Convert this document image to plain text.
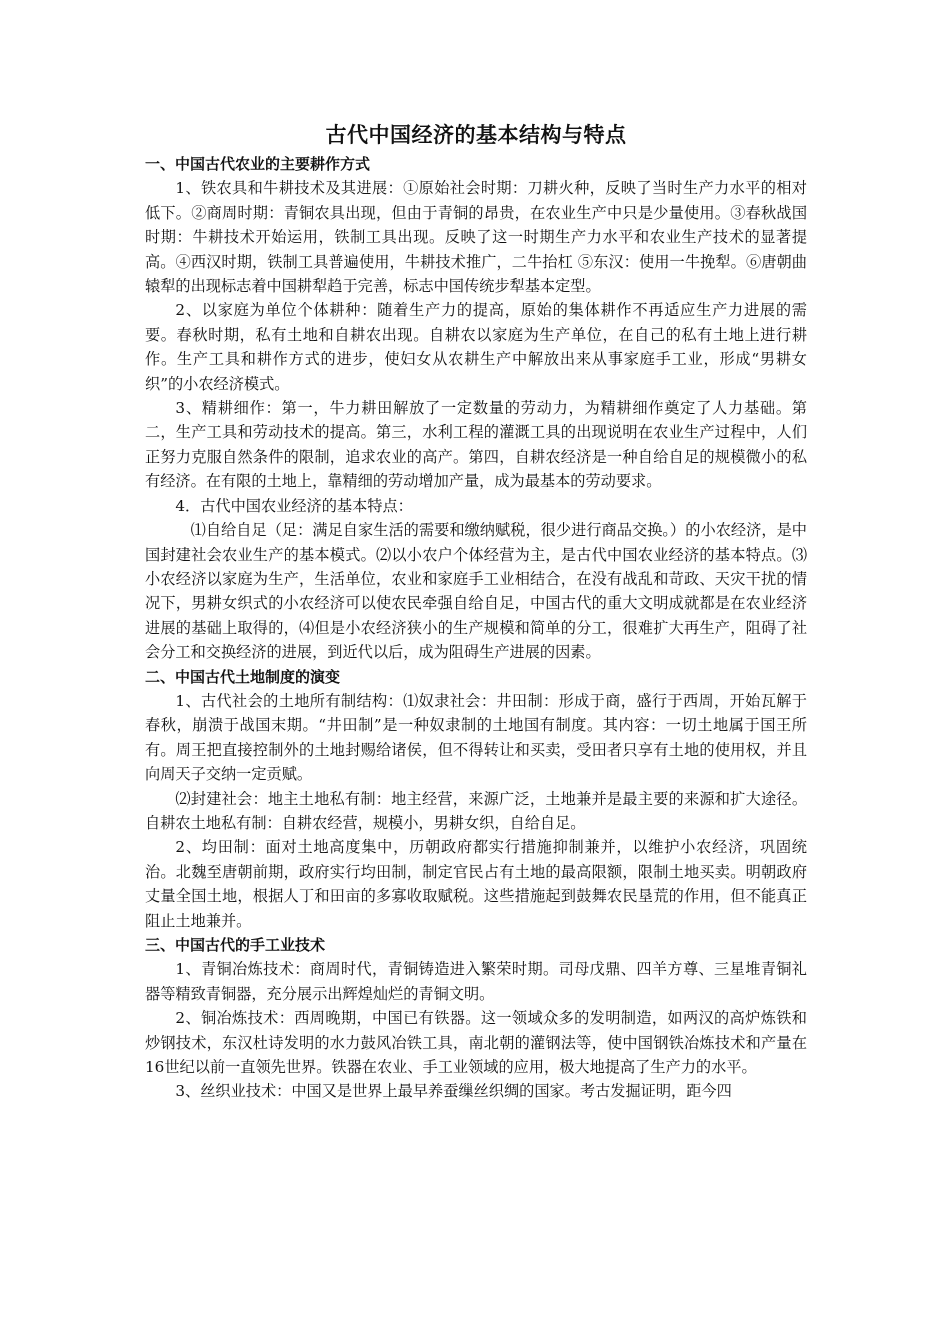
古代中国经济的基本结构与特点
一、中国古代农业的主要耕作方式

1、铁农具和牛耕技术及其进展：①原始社会时期：刀耕火种，反映了当时生产力水平的相对低下。②商周时期：青铜农具出现，但由于青铜的昂贵，在农业生产中只是少量使用。③春秋战国时期：牛耕技术开始运用，铁制工具出现。反映了这一时期生产力水平和农业生产技术的显著提高。④西汉时期，铁制工具普遍使用，牛耕技术推广，二牛抬杠 ⑤东汉：使用一牛挽犁。⑥唐朝曲辕犁的出现标志着中国耕犁趋于完善，标志中国传统步犁基本定型。

2、以家庭为单位个体耕种：随着生产力的提高，原始的集体耕作不再适应生产力进展的需要。春秋时期，私有土地和自耕农出现。自耕农以家庭为生产单位，在自己的私有土地上进行耕作。生产工具和耕作方式的进步，使妇女从农耕生产中解放出来从事家庭手工业，形成“男耕女织”的小农经济模式。

3、精耕细作：第一，牛力耕田解放了一定数量的劳动力，为精耕细作奠定了人力基础。第二，生产工具和劳动技术的提高。第三，水利工程的灌溉工具的出现说明在农业生产过程中，人们正努力克服自然条件的限制，追求农业的高产。第四，自耕农经济是一种自给自足的规模微小的私有经济。在有限的土地上，靠精细的劳动增加产量，成为最基本的劳动要求。

4．古代中国农业经济的基本特点：

⑴自给自足（足：满足自家生活的需要和缴纳赋税，很少进行商品交换。）的小农经济，是中国封建社会农业生产的基本模式。⑵以小农户个体经营为主，是古代中国农业经济的基本特点。⑶小农经济以家庭为生产，生活单位，农业和家庭手工业相结合，在没有战乱和苛政、天灾干扰的情况下，男耕女织式的小农经济可以使农民牵强自给自足，中国古代的重大文明成就都是在农业经济进展的基础上取得的，⑷但是小农经济狭小的生产规模和简单的分工，很难扩大再生产，阻碍了社会分工和交换经济的进展，到近代以后，成为阻碍生产进展的因素。

二、中国古代土地制度的演变

1、古代社会的土地所有制结构：⑴奴隶社会：井田制：形成于商，盛行于西周，开始瓦解于春秋，崩溃于战国末期。“井田制”是一种奴隶制的土地国有制度。其内容：一切土地属于国王所有。周王把直接控制外的土地封赐给诸侯，但不得转让和买卖，受田者只享有土地的使用权，并且向周天子交纳一定贡赋。

⑵封建社会：地主土地私有制：地主经营，来源广泛，土地兼并是最主要的来源和扩大途径。自耕农土地私有制：自耕农经营，规模小，男耕女织，自给自足。

2、均田制：面对土地高度集中，历朝政府都实行措施抑制兼并，以维护小农经济，巩固统治。北魏至唐朝前期，政府实行均田制，制定官民占有土地的最高限额，限制土地买卖。明朝政府丈量全国土地，根据人丁和田亩的多寡收取赋税。这些措施起到鼓舞农民垦荒的作用，但不能真正阻止土地兼并。

三、中国古代的手工业技术

1、青铜冶炼技术：商周时代，青铜铸造进入繁荣时期。司母戊鼎、四羊方尊、三星堆青铜礼器等精致青铜器，充分展示出辉煌灿烂的青铜文明。

2、铜冶炼技术：西周晚期，中国已有铁器。这一领域众多的发明制造，如两汉的高炉炼铁和炒钢技术，东汉杜诗发明的水力鼓风冶铁工具，南北朝的灌钢法等，使中国钢铁冶炼技术和产量在16世纪以前一直领先世界。铁器在农业、手工业领域的应用，极大地提高了生产力的水平。

3、丝织业技术：中国又是世界上最早养蚕缫丝织绸的国家。考古发掘证明，距今四
